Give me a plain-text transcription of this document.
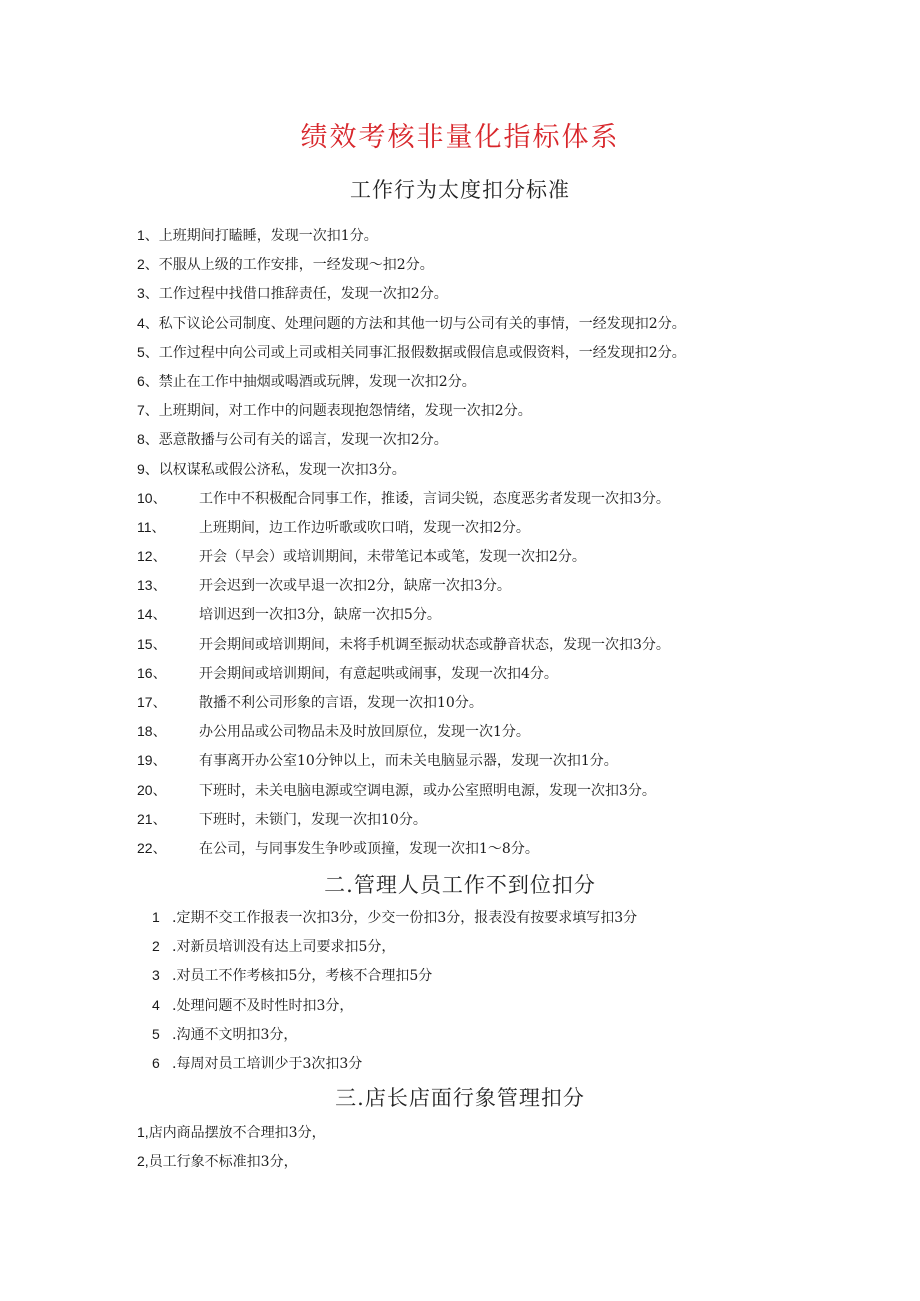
绩效考核非量化指标体系
工作行为太度扣分标准
1、上班期间打瞌睡，发现一次扣1分。
2、不服从上级的工作安排，一经发现〜扣2分。
3、工作过程中找借口推辞责任，发现一次扣2分。
4、私下议论公司制度、处理问题的方法和其他一切与公司有关的事情，一经发现扣2分。
5、工作过程中向公司或上司或相关同事汇报假数据或假信息或假资料，一经发现扣2分。
6、禁止在工作中抽烟或喝酒或玩牌，发现一次扣2分。
7、上班期间，对工作中的问题表现抱怨情绪，发现一次扣2分。
8、恶意散播与公司有关的谣言，发现一次扣2分。
9、以权谋私或假公济私，发现一次扣3分。
10、 工作中不积极配合同事工作，推诿，言词尖锐，态度恶劣者发现一次扣3分。
11、 上班期间，边工作边听歌或吹口哨，发现一次扣2分。
12、 开会（早会）或培训期间，未带笔记本或笔，发现一次扣2分。
13、 开会迟到一次或早退一次扣2分，缺席一次扣3分。
14、 培训迟到一次扣3分，缺席一次扣5分。
15、 开会期间或培训期间，未将手机调至振动状态或静音状态，发现一次扣3分。
16、 开会期间或培训期间，有意起哄或闹事，发现一次扣4分。
17、 散播不利公司形象的言语，发现一次扣10分。
18、 办公用品或公司物品未及时放回原位，发现一次1分。
19、 有事离开办公室10分钟以上，而未关电脑显示器，发现一次扣1分。
20、 下班时，未关电脑电源或空调电源，或办公室照明电源，发现一次扣3分。
21、 下班时，未锁门，发现一次扣10分。
22、 在公司，与同事发生争吵或顶撞，发现一次扣1〜8分。
二.管理人员工作不到位扣分
1 .定期不交工作报表一次扣3分，少交一份扣3分，报表没有按要求填写扣3分
2 .对新员培训没有达上司要求扣5分，
3 .对员工不作考核扣5分，考核不合理扣5分
4 .处理问题不及时性时扣3分，
5 .沟通不文明扣3分，
6 .每周对员工培训少于3次扣3分
三.店长店面行象管理扣分
1,店内商品摆放不合理扣3分，
2,员工行象不标准扣3分，
